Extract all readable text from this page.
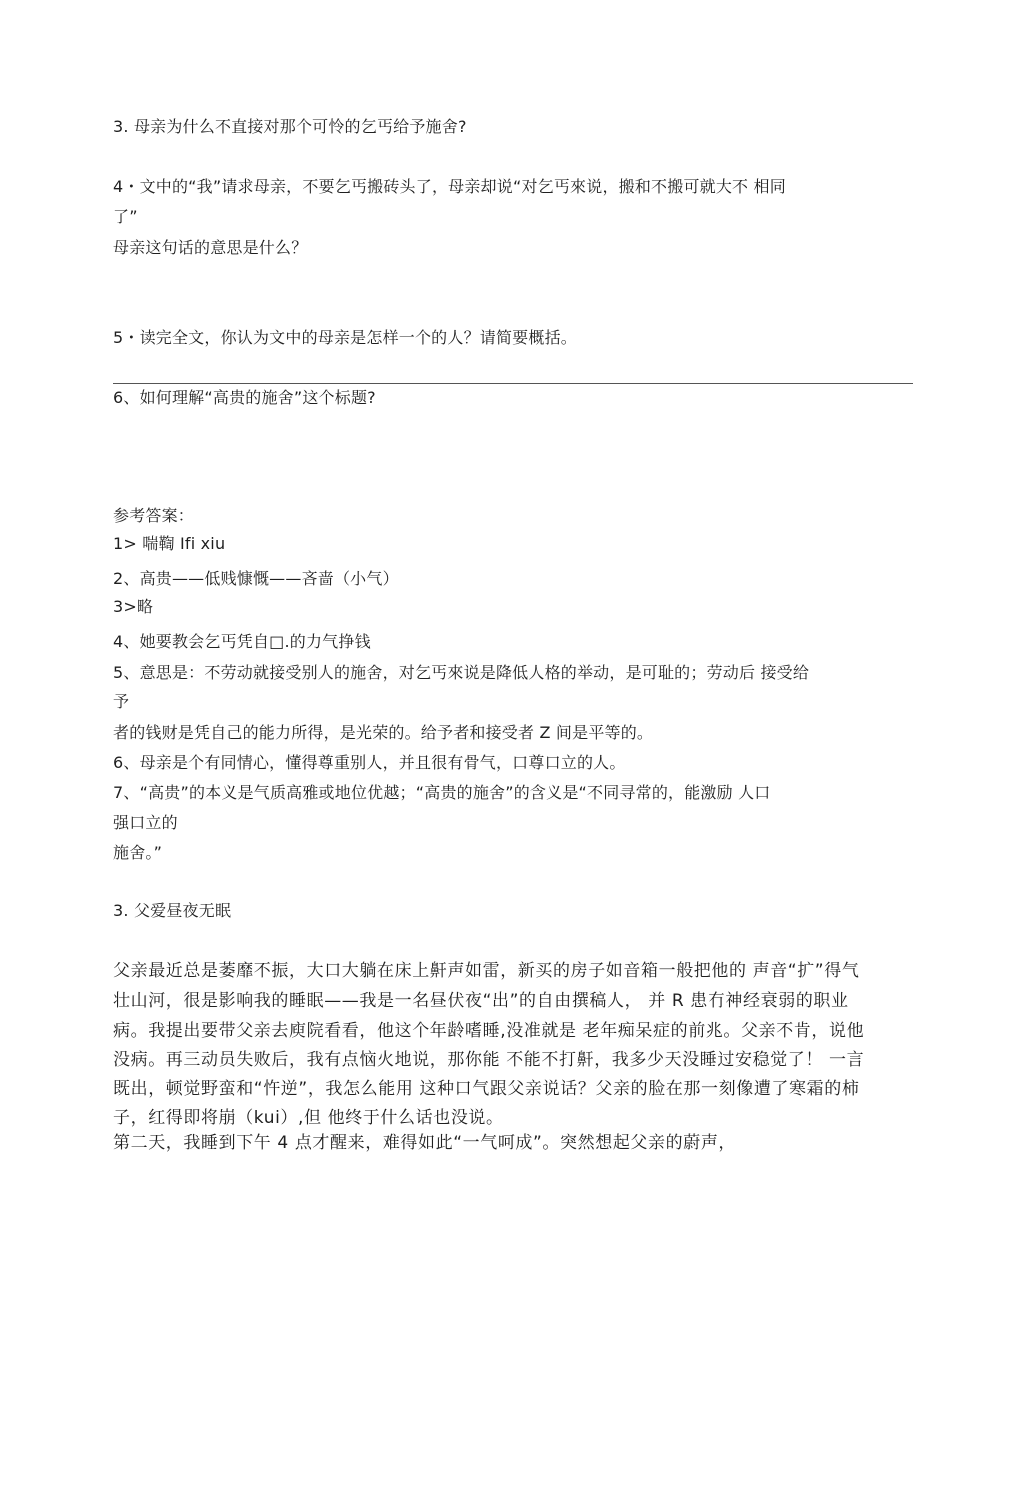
3. 母亲为什么不直接对那个可怜的乞丐给予施舍?
4・文中的“我”请求母亲，不要乞丐搬砖头了，母亲却说“对乞丐來说，搬和不搬可就大不 相同
了”
母亲这句话的意思是什么？
5・读完全文，你认为文中的母亲是怎样一个的人？请简要概括。
6、如何理解“高贵的施舍”这个标题?
参考答案：
1> 喘鞫 Ifi xiu
2、高贵——低贱慷慨——吝啬（小气）
3>略
4、她要教会乞丐凭自□.的力气挣钱
5、意思是：不劳动就接受别人的施舍，对乞丐來说是降低人格的举动，是可耻的；劳动后 接受给
予
者的钱财是凭自己的能力所得，是光荣的。给予者和接受者 Z 间是平等的。
6、母亲是个有同情心，懂得尊重别人，并且很有骨气，口尊口立的人。
7、“高贵”的本义是气质高雅或地位优越；“高贵的施舍”的含义是“不同寻常的，能激励 人口
强口立的
施舍。”
3. 父爱昼夜无眠
父亲最近总是萎靡不振，大口大躺在床上鼾声如雷，新买的房子如音箱一般把他的 声音“扩”得气
壮山河，很是影响我的睡眠——我是一名昼伏夜“出”的自由撰稿人， 并 R 患冇神经衰弱的职业
病。我提出要带父亲去庾院看看，他这个年龄嗜睡,没准就是 老年痴呆症的前兆。父亲不肯，说他
没病。再三动员失败后，我有点恼火地说，那你能 不能不打鼾，我多少天没睡过安稳觉了！ 一言
既出，顿觉野蛮和“忤逆”，我怎么能用 这种口气跟父亲说话？父亲的脸在那一刻像遭了寒霜的柿
子，红得即将崩（kui）,但 他终于什么话也没说。
第二天，我睡到下午 4 点才醒来，难得如此“一气呵成”。突然想起父亲的蔚声，
